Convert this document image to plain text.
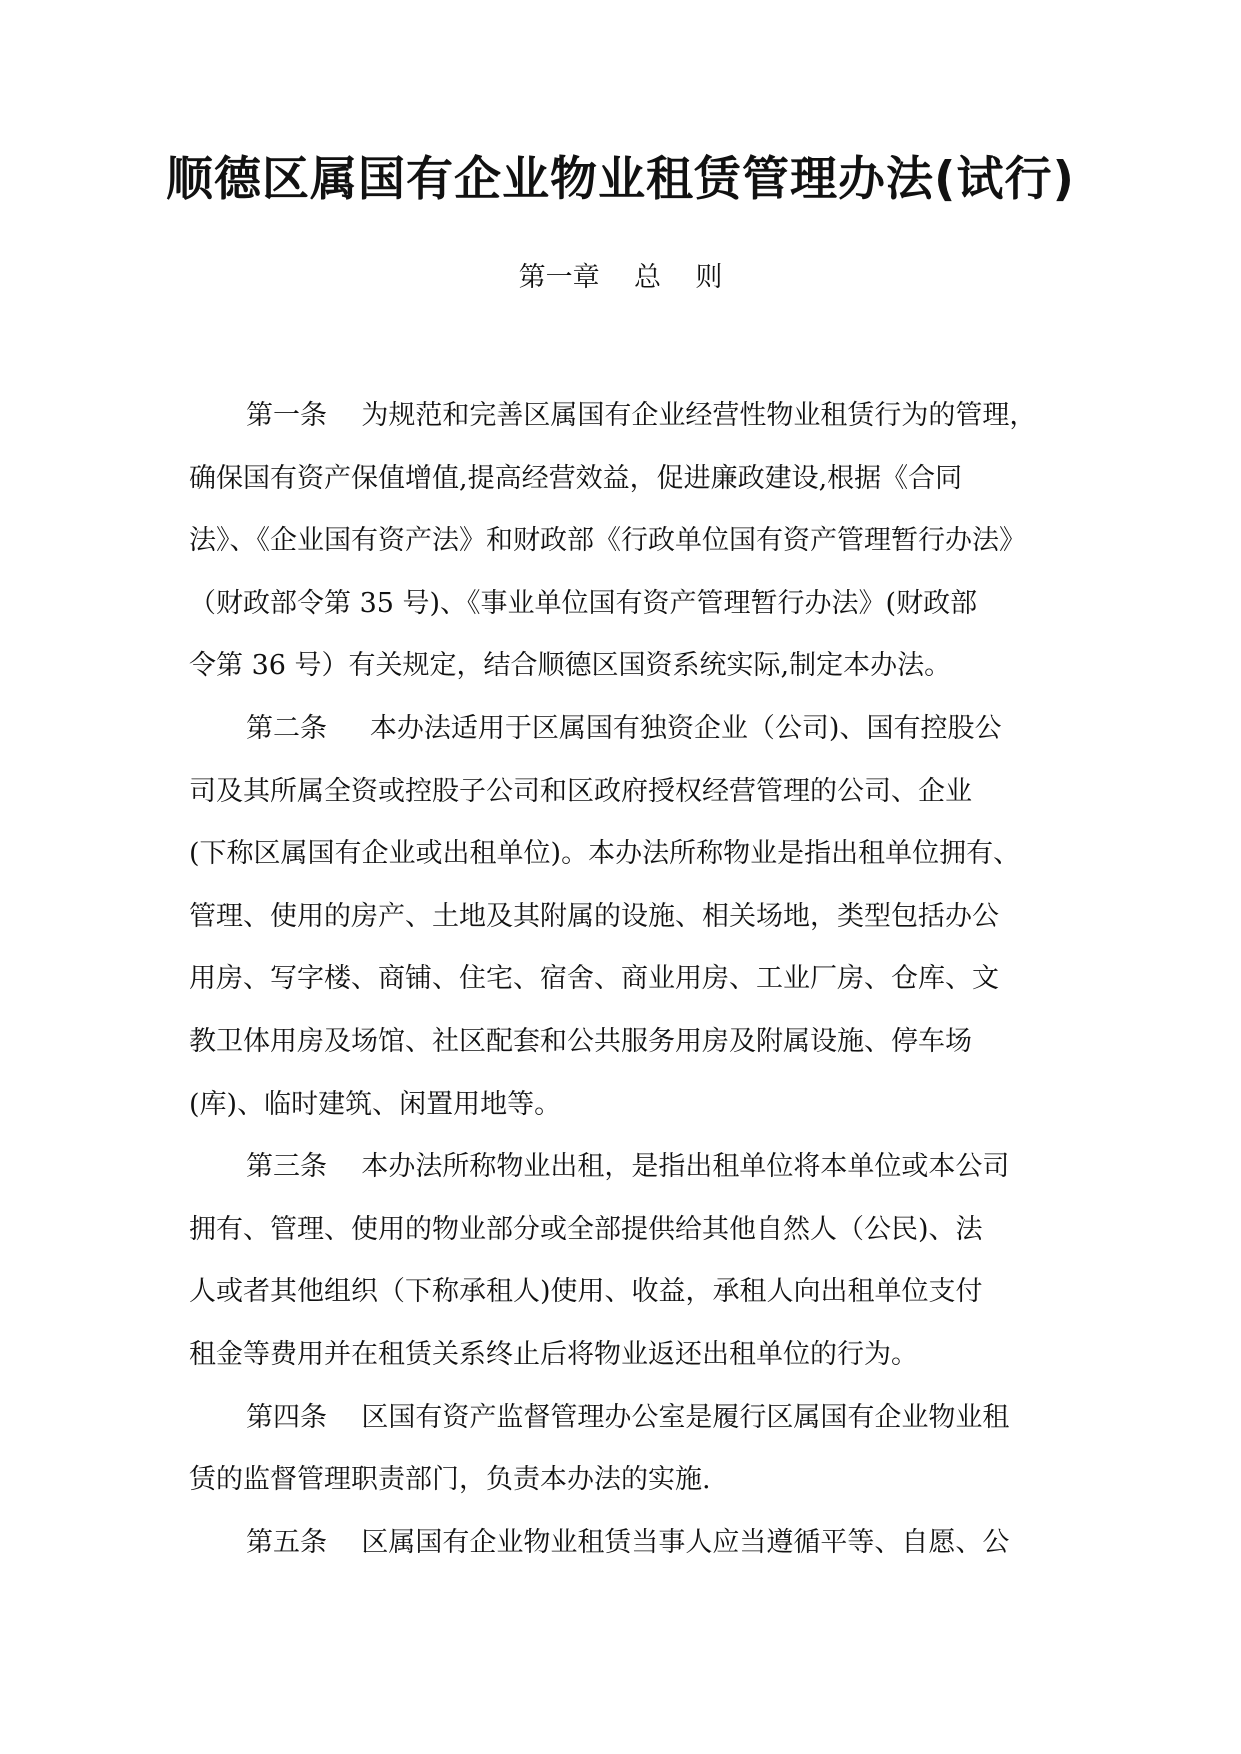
顺德区属国有企业物业租赁管理办法(试行)
第一章    总    则
第一条    为规范和完善区属国有企业经营性物业租赁行为的管理，
确保国有资产保值增值,提高经营效益，促进廉政建设,根据《合同
法》、《企业国有资产法》和财政部《行政单位国有资产管理暂行办法》
（财政部令第 35 号)、《事业单位国有资产管理暂行办法》(财政部
令第 36 号）有关规定，结合顺德区国资系统实际,制定本办法。
第二条     本办法适用于区属国有独资企业（公司)、国有控股公
司及其所属全资或控股子公司和区政府授权经营管理的公司、企业
(下称区属国有企业或出租单位)。本办法所称物业是指出租单位拥有、
管理、使用的房产、土地及其附属的设施、相关场地，类型包括办公
用房、写字楼、商铺、住宅、宿舍、商业用房、工业厂房、仓库、文
教卫体用房及场馆、社区配套和公共服务用房及附属设施、停车场
(库)、临时建筑、闲置用地等。
第三条    本办法所称物业出租，是指出租单位将本单位或本公司
拥有、管理、使用的物业部分或全部提供给其他自然人（公民)、法
人或者其他组织（下称承租人)使用、收益，承租人向出租单位支付
租金等费用并在租赁关系终止后将物业返还出租单位的行为。
第四条    区国有资产监督管理办公室是履行区属国有企业物业租
赁的监督管理职责部门，负责本办法的实施.
第五条    区属国有企业物业租赁当事人应当遵循平等、自愿、公
